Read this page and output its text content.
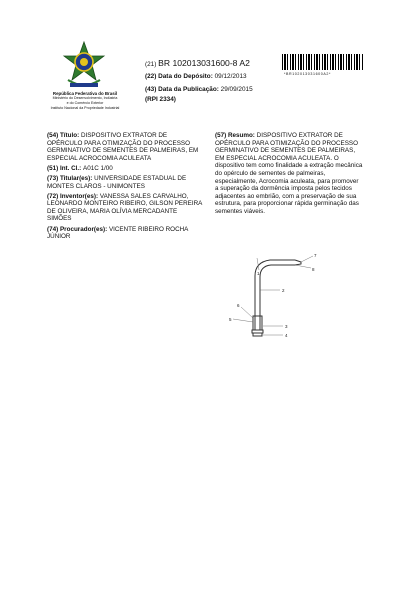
República Federativa do Brasil
Ministério do Desenvolvimento, Indústria
e do Comércio Exterior
Instituto Nacional da Propriedade Industrial
(21) BR 102013031600-8 A2
(22) Data do Depósito: 09/12/2013
(43) Data da Publicação: 29/09/2015
(RPI 2334)
*BR102013031600A2*

(54) Título: DISPOSITIVO EXTRATOR DE OPÉRCULO PARA OTIMIZAÇÃO DO PROCESSO GERMINATIVO DE SEMENTES DE PALMEIRAS, EM ESPECIAL ACROCOMIA ACULEATA

(51) Int. Cl.: A01C 1/00

(73) Titular(es): UNIVERSIDADE ESTADUAL DE MONTES CLAROS - UNIMONTES

(72) Inventor(es): VANESSA SALES CARVALHO, LEONARDO MONTEIRO RIBEIRO, GILSON PEREIRA DE OLIVEIRA, MARIA OLÍVIA MERCADANTE SIMÕES

(74) Procurador(es): VICENTE RIBEIRO ROCHA JÚNIOR

(57) Resumo: DISPOSITIVO EXTRATOR DE OPÉRCULO PARA OTIMIZAÇÃO DO PROCESSO GERMINATIVO DE SEMENTES DE PALMEIRAS, EM ESPECIAL ACROCOMIA ACULEATA. O dispositivo tem como finalidade a extração mecânica do opérculo de sementes de palmeiras, especialmente, Acrocomia aculeata, para promover a superação da dormência imposta pelos tecidos adjacentes ao embrião, com a preservação de sua estrutura, para proporcionar rápida germinação das sementes viáveis.

7
8
1
2
6
5
3
4
